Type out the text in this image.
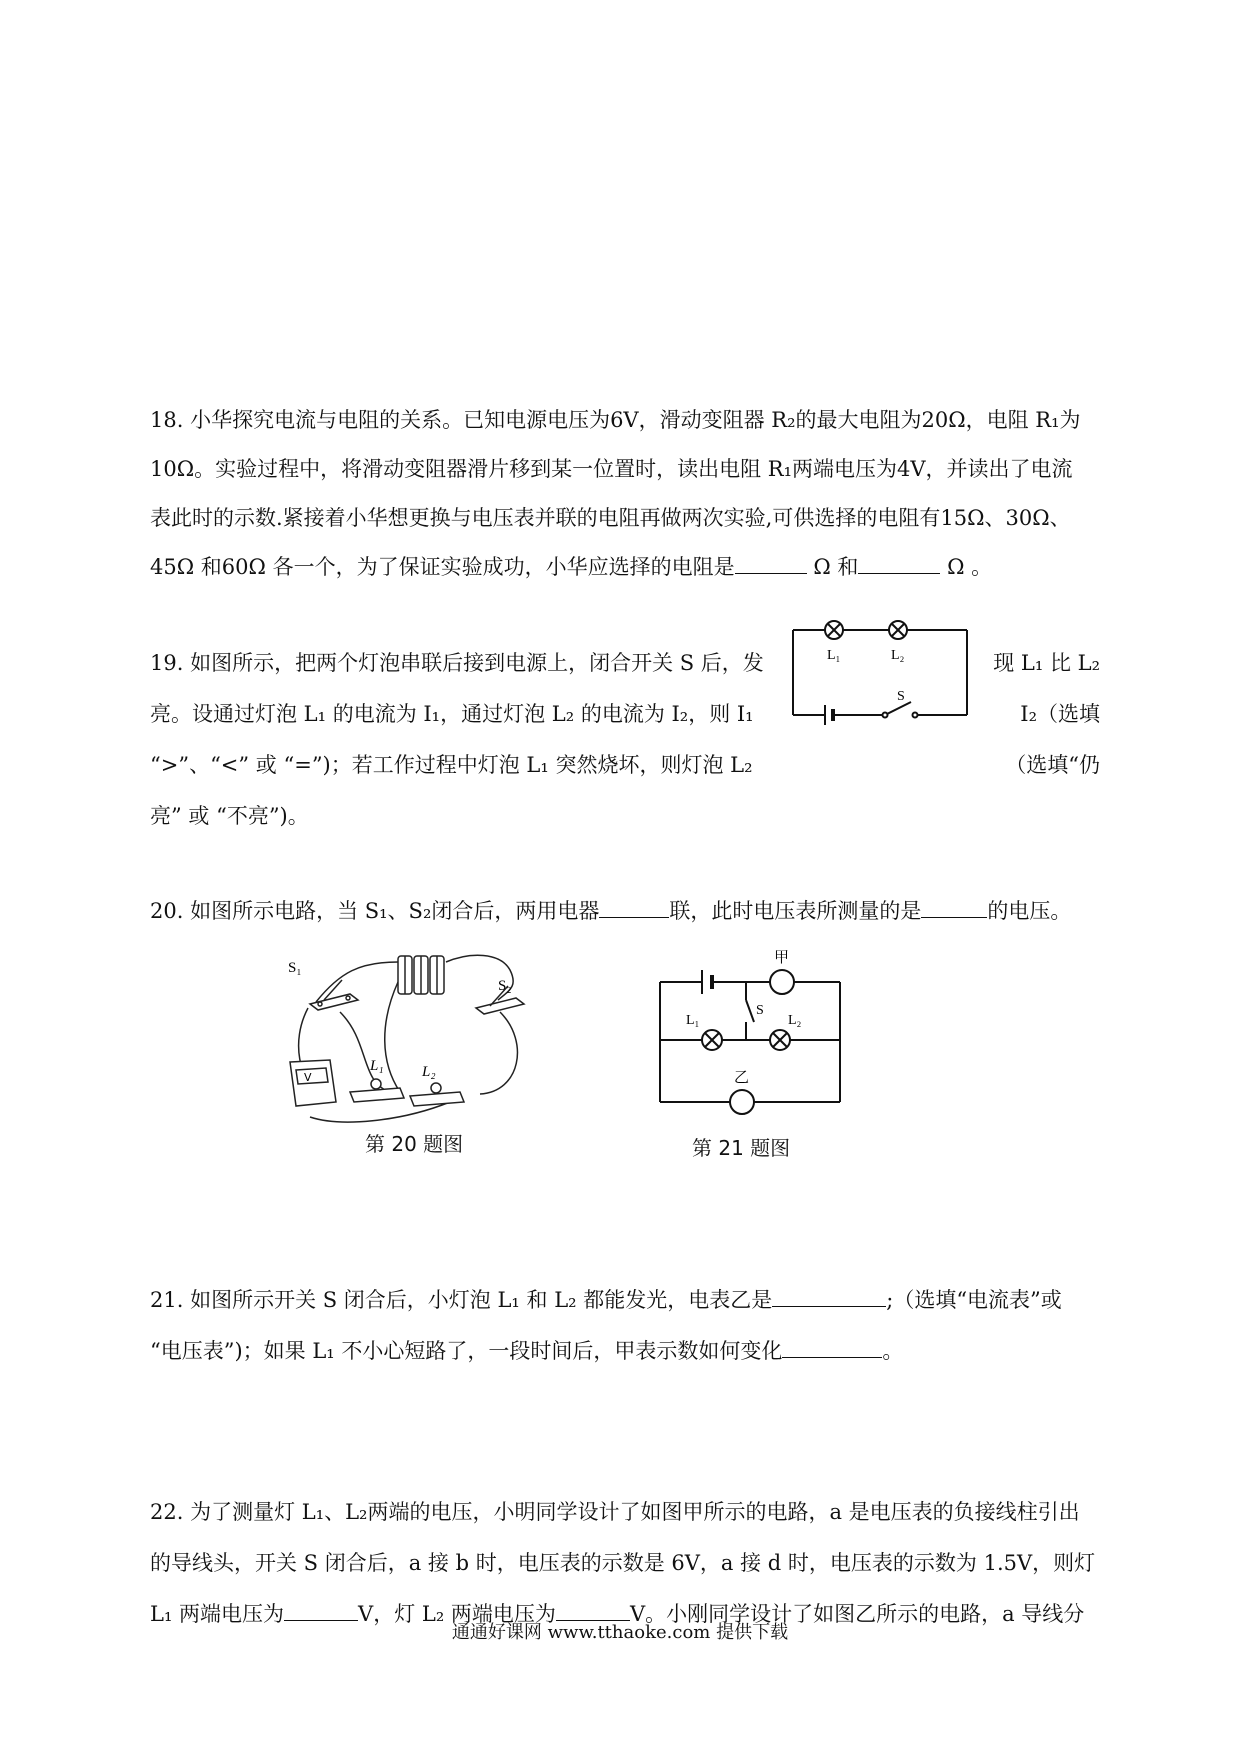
18. 小华探究电流与电阻的关系。已知电源电压为6V，滑动变阻器 R₂的最大电阻为20Ω，电阻 R₁为
10Ω。实验过程中，将滑动变阻器滑片移到某一位置时，读出电阻 R₁两端电压为4V，并读出了电流
表此时的示数.紧接着小华想更换与电压表并联的电阻再做两次实验,可供选择的电阻有15Ω、30Ω、
45Ω 和60Ω 各一个，为了保证实验成功，小华应选择的电阻是	Ω 和	Ω 。
19. 如图所示，把两个灯泡串联后接到电源上，闭合开关 S 后，发	现 L₁ 比 L₂
亮。设通过灯泡 L₁ 的电流为 I₁，通过灯泡 L₂ 的电流为 I₂，则 I₁	I₂（选填
“>”、“<” 或 “=”)；若工作过程中灯泡 L₁ 突然烧坏，则灯泡 L₂	（选填“仍
亮” 或 “不亮”)。
L₁	L₂
S
20. 如图所示电路，当 S₁、S₂闭合后，两用电器	联，此时电压表所测量的是	的电压。
V
S₁
S₂
L₁	L₂
第 20 题图
甲
乙
L₁	L₂
S
第 21 题图
21. 如图所示开关 S 闭合后，小灯泡 L₁ 和 L₂ 都能发光，电表乙是	;（选填“电流表”或
“电压表”)；如果 L₁ 不小心短路了，一段时间后，甲表示数如何变化	。
22. 为了测量灯 L₁、L₂两端的电压，小明同学设计了如图甲所示的电路，a 是电压表的负接线柱引出
的导线头，开关 S 闭合后，a 接 b 时，电压表的示数是 6V，a 接 d 时，电压表的示数为 1.5V，则灯
L₁ 两端电压为	V，灯 L₂ 两端电压为	V。小刚同学设计了如图乙所示的电路，a 导线分
通通好课网 www.tthaoke.com 提供下载
